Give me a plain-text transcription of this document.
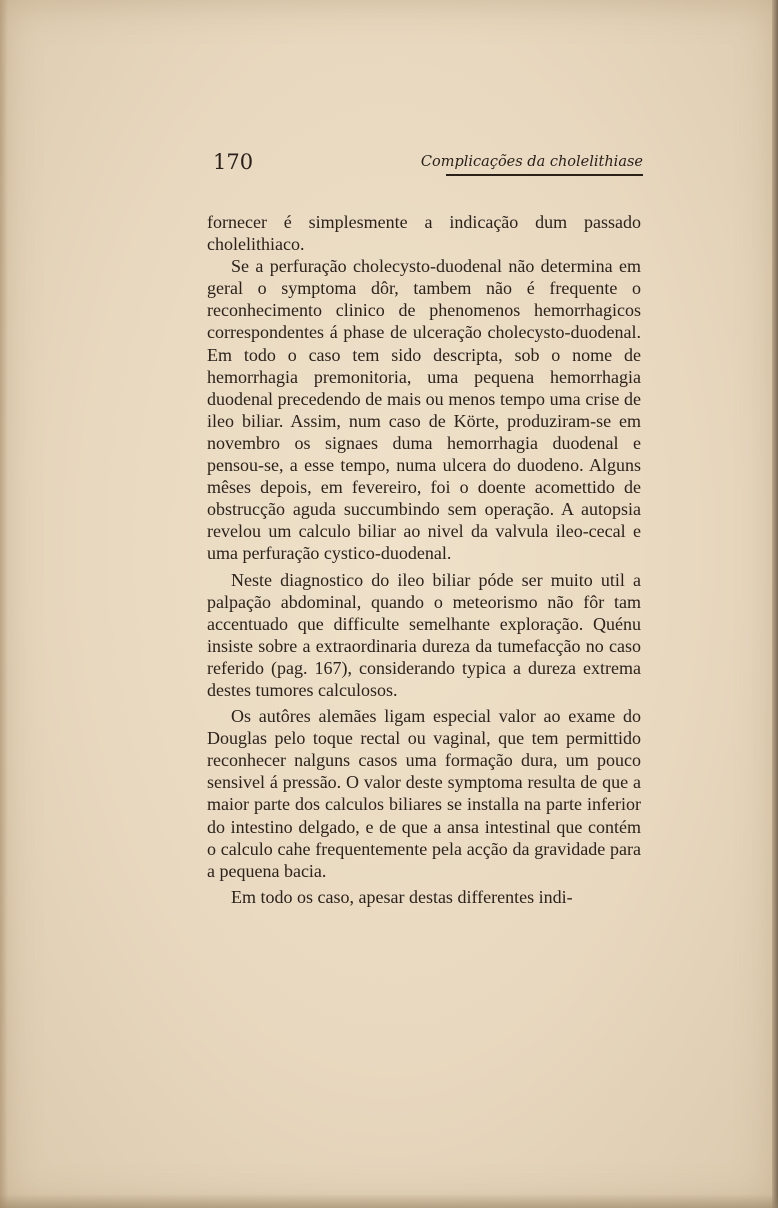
170	Complicações da cholelithiase

fornecer é simplesmente a indicação dum passado cholelithiaco.

Se a perfuração cholecysto-duodenal não determina em geral o symptoma dôr, tambem não é frequente o reconhecimento clinico de phenomenos hemorrhagicos correspondentes á phase de ulceração cholecysto-duodenal. Em todo o caso tem sido descripta, sob o nome de hemorrhagia premonitoria, uma pequena hemorrhagia duodenal precedendo de mais ou menos tempo uma crise de ileo biliar. Assim, num caso de Körte, produziram-se em novembro os signaes duma hemorrhagia duodenal e pensou-se, a esse tempo, numa ulcera do duodeno. Alguns mêses depois, em fevereiro, foi o doente acomettido de obstrucção aguda succumbindo sem operação. A autopsia revelou um calculo biliar ao nivel da valvula ileo-cecal e uma perfuração cystico-duodenal.

Neste diagnostico do ileo biliar póde ser muito util a palpação abdominal, quando o meteorismo não fôr tam accentuado que difficulte semelhante exploração. Quénu insiste sobre a extraordinaria dureza da tumefacção no caso referido (pag. 167), considerando typica a dureza extrema destes tumores calculosos.

Os autôres alemães ligam especial valor ao exame do Douglas pelo toque rectal ou vaginal, que tem permittido reconhecer nalguns casos uma formação dura, um pouco sensivel á pressão. O valor deste symptoma resulta de que a maior parte dos calculos biliares se installa na parte inferior do intestino delgado, e de que a ansa intestinal que contém o calculo cahe frequentemente pela acção da gravidade para a pequena bacia.

Em todo os caso, apesar destas differentes indi-
